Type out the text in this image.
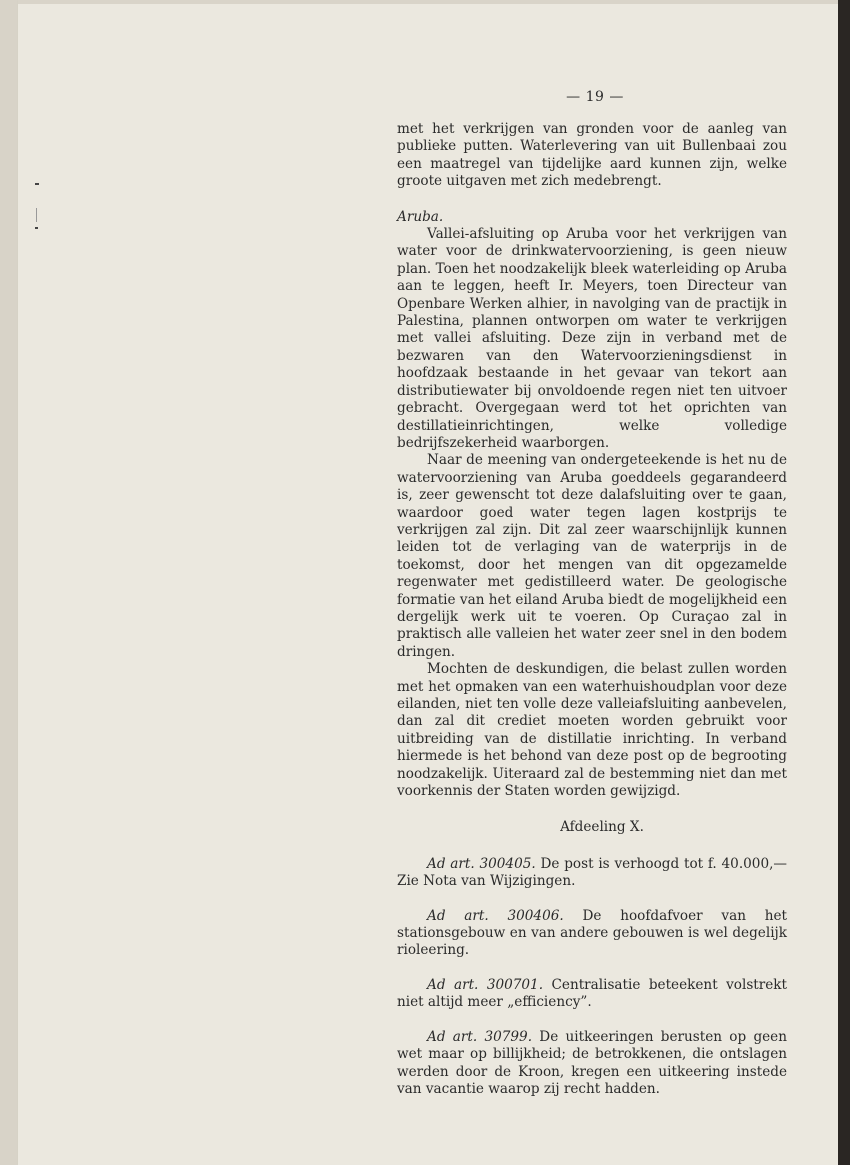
— 19 —

met het verkrijgen van gronden voor de aanleg van publieke putten. Waterlevering van uit Bullenbaai zou een maatregel van tijdelijke aard kunnen zijn, welke groote uitgaven met zich medebrengt.

Aruba.

Vallei-afsluiting op Aruba voor het verkrijgen van water voor de drinkwatervoorziening, is geen nieuw plan. Toen het noodzakelijk bleek waterleiding op Aruba aan te leggen, heeft Ir. Meyers, toen Directeur van Openbare Werken alhier, in navolging van de practijk in Palestina, plannen ontworpen om water te verkrijgen met vallei afsluiting. Deze zijn in verband met de bezwaren van den Watervoorzieningsdienst in hoofdzaak bestaande in het gevaar van tekort aan distributiewater bij onvoldoende regen niet ten uitvoer gebracht. Overgegaan werd tot het oprichten van destillatieinrichtingen, welke volledige bedrijfszekerheid waarborgen.

Naar de meening van ondergeteekende is het nu de watervoorziening van Aruba goeddeels gegarandeerd is, zeer gewenscht tot deze dalafsluiting over te gaan, waardoor goed water tegen lagen kostprijs te verkrijgen zal zijn. Dit zal zeer waarschijnlijk kunnen leiden tot de verlaging van de waterprijs in de toekomst, door het mengen van dit opgezamelde regenwater met gedistilleerd water. De geologische formatie van het eiland Aruba biedt de mogelijkheid een dergelijk werk uit te voeren. Op Curaçao zal in praktisch alle valleien het water zeer snel in den bodem dringen.

Mochten de deskundigen, die belast zullen worden met het opmaken van een waterhuishoudplan voor deze eilanden, niet ten volle deze valleiafsluiting aanbevelen, dan zal dit crediet moeten worden gebruikt voor uitbreiding van de distillatie inrichting. In verband hiermede is het behond van deze post op de begrooting noodzakelijk. Uiteraard zal de bestemming niet dan met voorkennis der Staten worden gewijzigd.

Afdeeling X.

Ad art. 300405. De post is verhoogd tot f. 40.000,— Zie Nota van Wijzigingen.

Ad art. 300406. De hoofdafvoer van het stationsgebouw en van andere gebouwen is wel degelijk rioleering.

Ad art. 300701. Centralisatie beteekent volstrekt niet altijd meer „efficiency”.

Ad art. 30799. De uitkeeringen berusten op geen wet maar op billijkheid; de betrokkenen, die ontslagen werden door de Kroon, kregen een uitkeering instede van vacantie waarop zij recht hadden.
